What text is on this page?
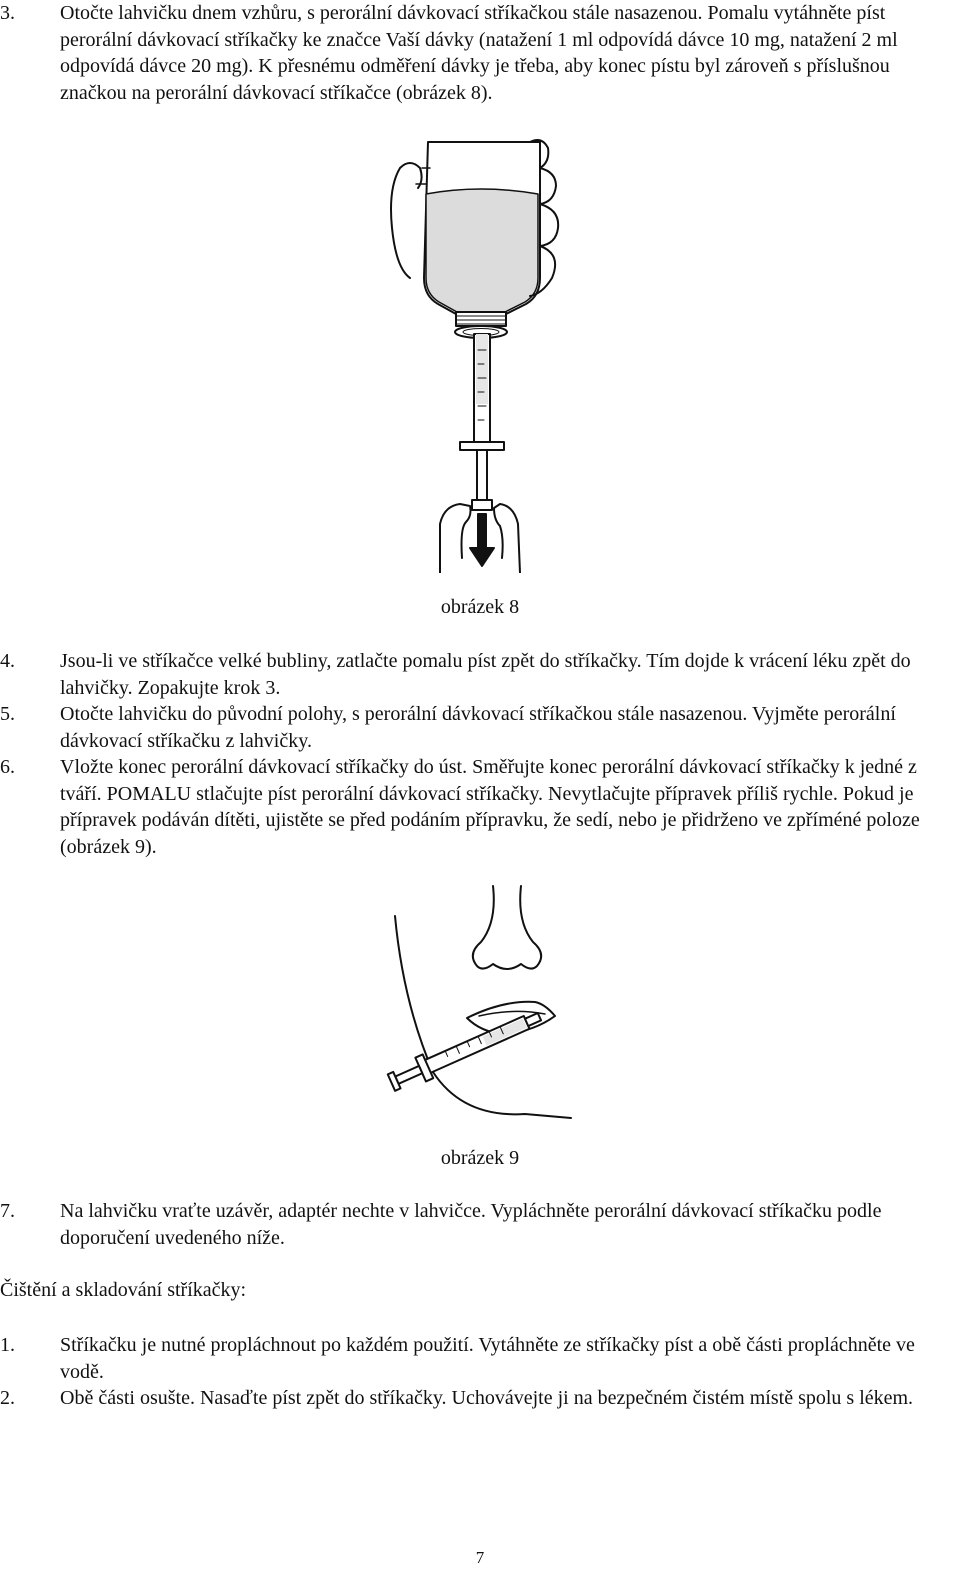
3. Otočte lahvičku dnem vzhůru, s perorální dávkovací stříkačkou stále nasazenou. Pomalu vytáhněte píst perorální dávkovací stříkačky ke značce Vaší dávky (natažení 1 ml odpovídá dávce 10 mg, natažení 2 ml odpovídá dávce 20 mg). K přesnému odměření dávky je třeba, aby konec pístu byl zároveň s příslušnou značkou na perorální dávkovací stříkačce (obrázek 8).
obrázek 8
4. Jsou-li ve stříkačce velké bubliny, zatlačte pomalu píst zpět do stříkačky. Tím dojde k vrácení léku zpět do lahvičky. Zopakujte krok 3.
5. Otočte lahvičku do původní polohy, s perorální dávkovací stříkačkou stále nasazenou. Vyjměte perorální dávkovací stříkačku z lahvičky.
6. Vložte konec perorální dávkovací stříkačky do úst. Směřujte konec perorální dávkovací stříkačky k jedné z tváří. POMALU stlačujte píst perorální dávkovací stříkačky. Nevytlačujte přípravek příliš rychle. Pokud je přípravek podáván dítěti, ujistěte se před podáním přípravku, že sedí, nebo je přidrženo ve zpříméné poloze (obrázek 9).
obrázek 9
7. Na lahvičku vraťte uzávěr, adaptér nechte v lahvičce. Vypláchněte perorální dávkovací stříkačku podle doporučení uvedeného níže.
Čištění a skladování stříkačky:
1. Stříkačku je nutné propláchnout po každém použití. Vytáhněte ze stříkačky píst a obě části propláchněte ve vodě.
2. Obě části osušte. Nasaďte píst zpět do stříkačky. Uchovávejte ji na bezpečném čistém místě spolu s lékem.
7
